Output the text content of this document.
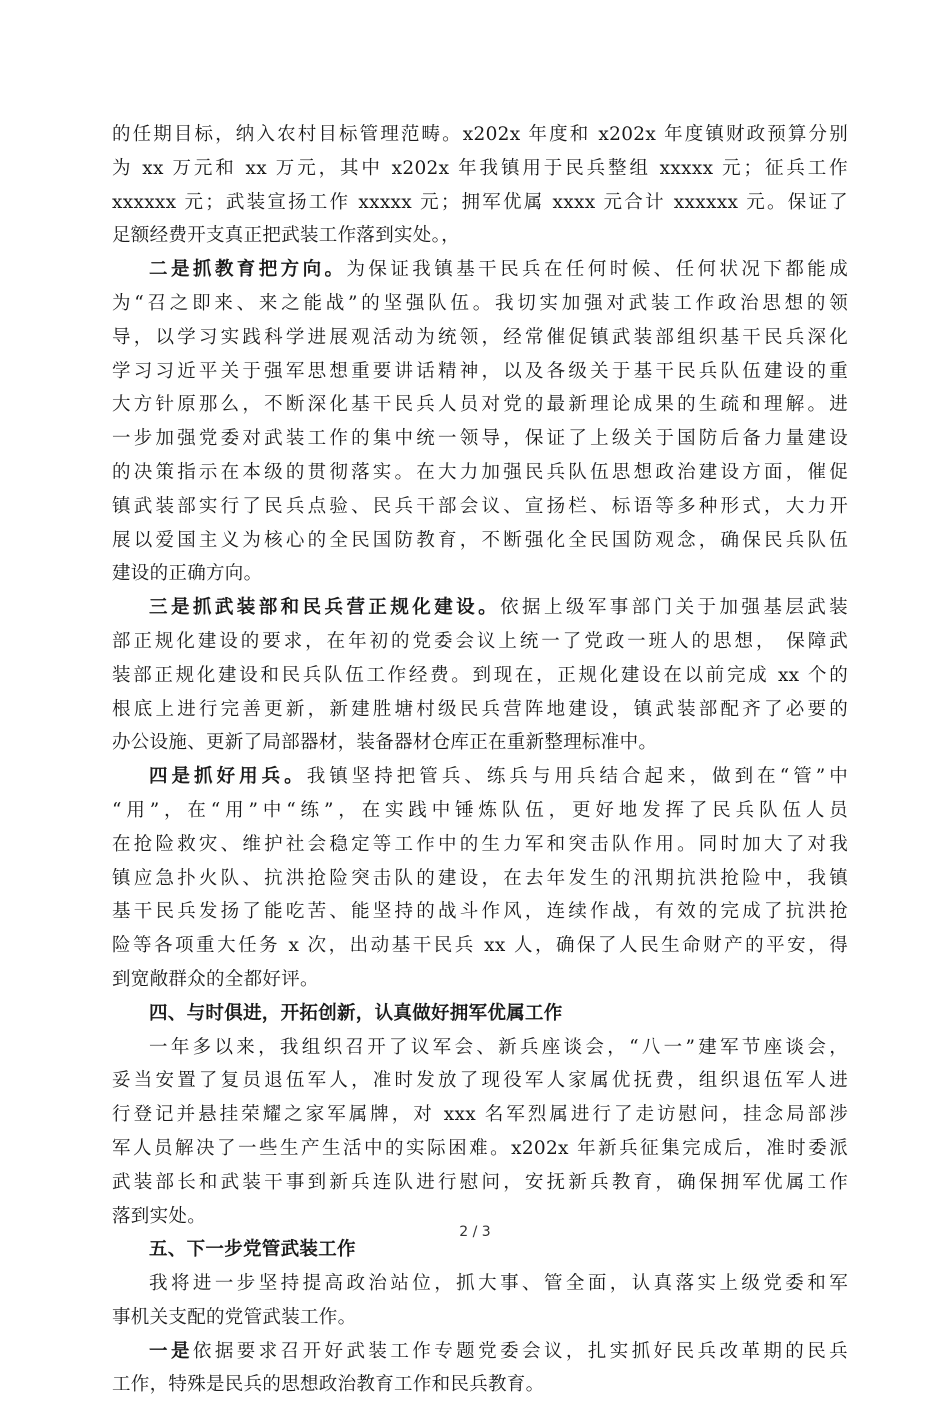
的任期目标，纳入农村目标管理范畴。x202x 年度和 x202x 年度镇财政预算分别
为 xx 万元和 xx 万元，其中 x202x 年我镇用于民兵整组 xxxxx 元；征兵工作
xxxxxx 元；武装宣扬工作 xxxxx 元；拥军优属 xxxx 元合计 xxxxxx 元。保证了
足额经费开支真正把武装工作落到实处。，
二是抓教育把方向。为保证我镇基干民兵在任何时候、任何状况下都能成
为“召之即来、来之能战”的坚强队伍。我切实加强对武装工作政治思想的领
导，以学习实践科学进展观活动为统领，经常催促镇武装部组织基干民兵深化
学习习近平关于强军思想重要讲话精神，以及各级关于基干民兵队伍建设的重
大方针原那么，不断深化基干民兵人员对党的最新理论成果的生疏和理解。进
一步加强党委对武装工作的集中统一领导，保证了上级关于国防后备力量建设
的决策指示在本级的贯彻落实。在大力加强民兵队伍思想政治建设方面，催促
镇武装部实行了民兵点验、民兵干部会议、宣扬栏、标语等多种形式，大力开
展以爱国主义为核心的全民国防教育，不断强化全民国防观念，确保民兵队伍
建设的正确方向。
三是抓武装部和民兵营正规化建设。依据上级军事部门关于加强基层武装
部正规化建设的要求，在年初的党委会议上统一了党政一班人的思想， 保障武
装部正规化建设和民兵队伍工作经费。到现在，正规化建设在以前完成 xx 个的
根底上进行完善更新，新建胜塘村级民兵营阵地建设，镇武装部配齐了必要的
办公设施、更新了局部器材，装备器材仓库正在重新整理标准中。
四是抓好用兵。我镇坚持把管兵、练兵与用兵结合起来，做到在“管”中
“用”，在“用”中“练”，在实践中锤炼队伍，更好地发挥了民兵队伍人员
在抢险救灾、维护社会稳定等工作中的生力军和突击队作用。同时加大了对我
镇应急扑火队、抗洪抢险突击队的建设，在去年发生的汛期抗洪抢险中，我镇
基干民兵发扬了能吃苦、能坚持的战斗作风，连续作战，有效的完成了抗洪抢
险等各项重大任务 x 次，出动基干民兵 xx 人，确保了人民生命财产的平安，得
到宽敞群众的全都好评。
四、与时俱进，开拓创新，认真做好拥军优属工作
一年多以来，我组织召开了议军会、新兵座谈会，“八一”建军节座谈会，
妥当安置了复员退伍军人，准时发放了现役军人家属优抚费，组织退伍军人进
行登记并悬挂荣耀之家军属牌，对 xxx 名军烈属进行了走访慰问，挂念局部涉
军人员解决了一些生产生活中的实际困难。x202x 年新兵征集完成后，准时委派
武装部长和武装干事到新兵连队进行慰问，安抚新兵教育，确保拥军优属工作
落到实处。
五、下一步党管武装工作
我将进一步坚持提高政治站位，抓大事、管全面，认真落实上级党委和军
事机关支配的党管武装工作。
一是依据要求召开好武装工作专题党委会议，扎实抓好民兵改革期的民兵
工作，特殊是民兵的思想政治教育工作和民兵教育。
2 / 3
